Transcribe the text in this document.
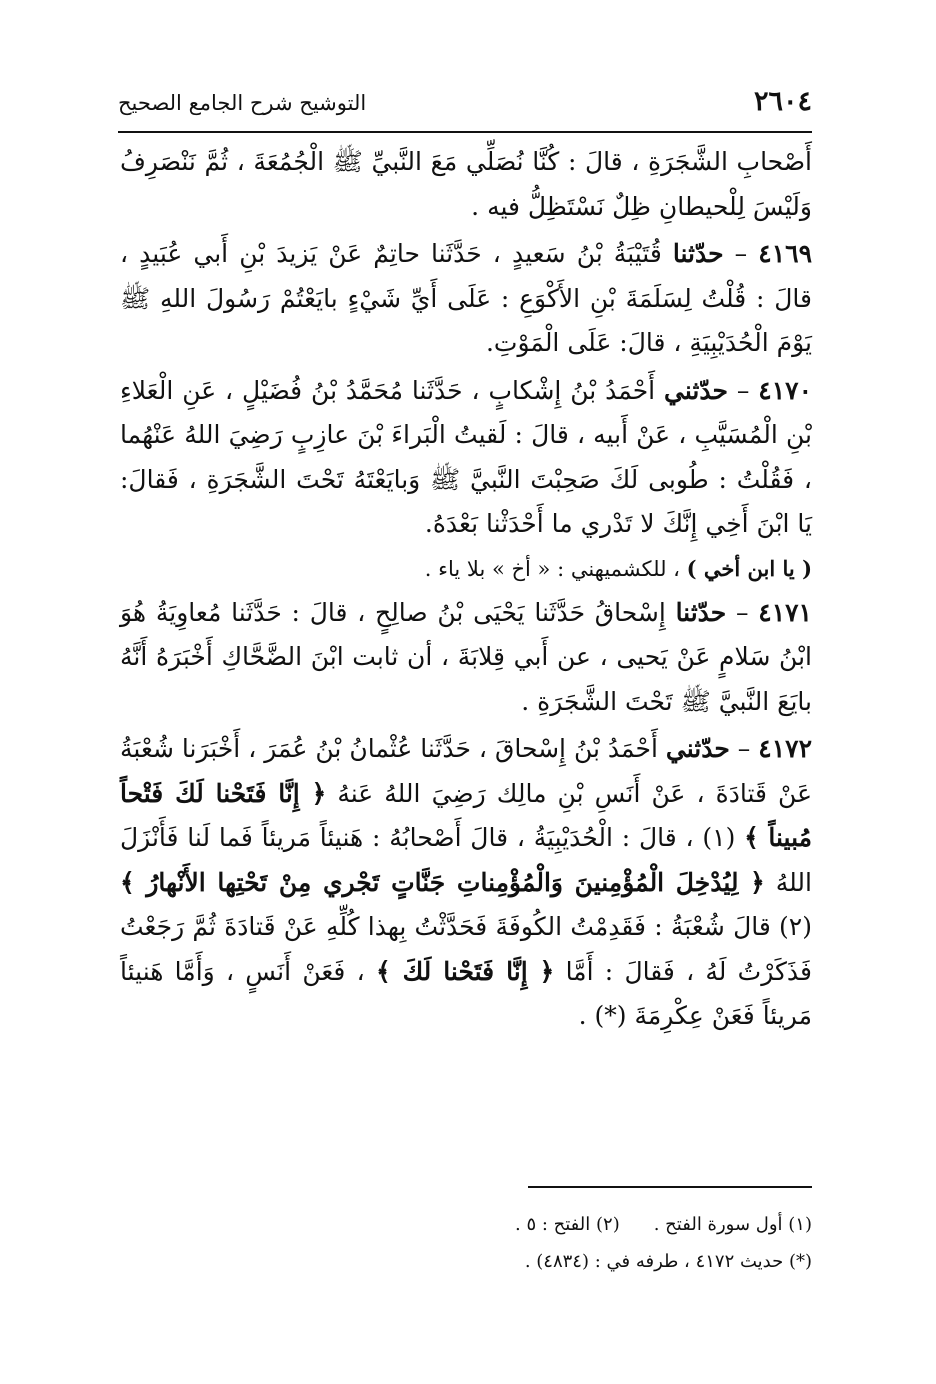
٢٦٠٤
التوشيح شرح الجامع الصحيح

أَصْحابِ الشَّجَرَةِ ، قالَ : كُنَّا نُصَلِّي مَعَ النَّبيِّ ﷺ الْجُمُعَةَ ، ثُمَّ نَنْصَرِفُ وَلَيْسَ لِلْحيطانِ ظِلٌ نَسْتَظِلُّ فيه .

٤١٦٩ – حدّثنا قُتَيْبَةُ بْنُ سَعيدٍ ، حَدَّثَنا حاتِمٌ عَنْ يَزيدَ بْنِ أَبي عُبَيدٍ ، قالَ : قُلْتُ لِسَلَمَةَ بْنِ الأَكْوَعِ : عَلَى أَيِّ شَيْءٍ بايَعْتُمْ رَسُولَ اللهِ ﷺ يَوْمَ الْحُدَيْبِيَةِ ، قالَ: عَلَى الْمَوْتِ.

٤١٧٠ – حدّثني أَحْمَدُ بْنُ إِشْكابٍ ، حَدَّثَنا مُحَمَّدُ بْنُ فُضَيْلٍ ، عَنِ الْعَلاءِ بْنِ الْمُسَيَّبِ ، عَنْ أَبيه ، قالَ : لَقيتُ الْبَراءَ بْنَ عازِبٍ رَضِيَ اللهُ عَنْهُما ، فَقُلْتُ : طُوبى لَكَ صَحِبْتَ النَّبيَّ ﷺ وَبايَعْتَهُ تَحْتَ الشَّجَرَةِ ، فَقالَ: يَا ابْنَ أَخِي إِنَّكَ لا تَدْري ما أَحْدَثْنا بَعْدَهُ.

( يا ابن أخي ) ، للكشميهني : « أخ » بلا ياء .

٤١٧١ – حدّثنا إِسْحاقُ حَدَّثَنا يَحْيَى بْنُ صالِحٍ ، قالَ : حَدَّثَنا مُعاوِيَةُ هُوَ ابْنُ سَلامٍ عَنْ يَحيى ، عن أَبي قِلابَةَ ، أن ثابت ابْنَ الضَّحَّاكِ أَخْبَرَهُ أَنَّهُ بايَعَ النَّبيَّ ﷺ تَحْتَ الشَّجَرَةِ .

٤١٧٢ – حدّثني أَحْمَدُ بْنُ إِسْحاقَ ، حَدَّثَنا عُثْمانُ بْنُ عُمَرَ ، أَخْبَرَنا شُعْبَةُ عَنْ قَتادَةَ ، عَنْ أَنَسِ بْنِ مالِك رَضِيَ اللهُ عَنهُ ﴿ إِنَّا فَتَحْنا لَكَ فَتْحاً مُبيناً ﴾ (١) ، قالَ : الْحُدَيْبِيَةُ ، قالَ أَصْحابُهُ : هَنيئاً مَريئاً فَما لَنا فَأَنْزَلَ اللهُ ﴿ لِيُدْخِلَ الْمُؤْمِنينَ وَالْمُؤْمِناتِ جَنَّاتٍ تَجْري مِنْ تَحْتِها الأَنْهارُ ﴾ (٢) قالَ شُعْبَةُ : فَقَدِمْتُ الكُوفَةَ فَحَدَّثْتُ بِهذا كُلِّهِ عَنْ قَتادَةَ ثُمَّ رَجَعْتُ فَذَكَرْتُ لَهُ ، فَقالَ : أَمَّا ﴿ إِنَّا فَتَحْنا لَكَ ﴾ ، فَعَنْ أَنَسٍ ، وَأَمَّا هَنيئاً مَريئاً فَعَنْ عِكْرِمَةَ (*) .

(١) أول سورة الفتح .(٢) الفتح : ٥ .

(*) حديث ٤١٧٢ ، طرفه في : (٤٨٣٤) .
